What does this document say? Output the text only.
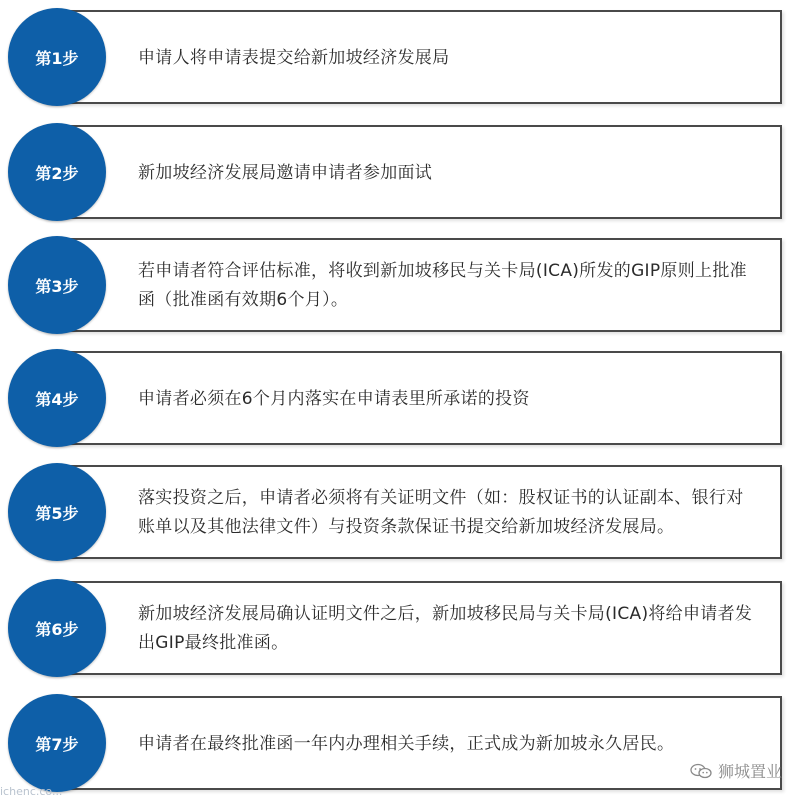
申请人将申请表提交给新加坡经济发展局
第1步
新加坡经济发展局邀请申请者参加面试
第2步
若申请者符合评估标准，将收到新加坡移民与关卡局(ICA)所发的GIP原则上批准函（批准函有效期6个月）。
第3步
申请者必须在6个月内落实在申请表里所承诺的投资
第4步
落实投资之后，申请者必须将有关证明文件（如：股权证书的认证副本、银行对账单以及其他法律文件）与投资条款保证书提交给新加坡经济发展局。
第5步
新加坡经济发展局确认证明文件之后，新加坡移民局与关卡局(ICA)将给申请者发出GIP最终批准函。
第6步
申请者在最终批准函一年内办理相关手续，正式成为新加坡永久居民。
第7步
ichenc.co...
狮城置业
